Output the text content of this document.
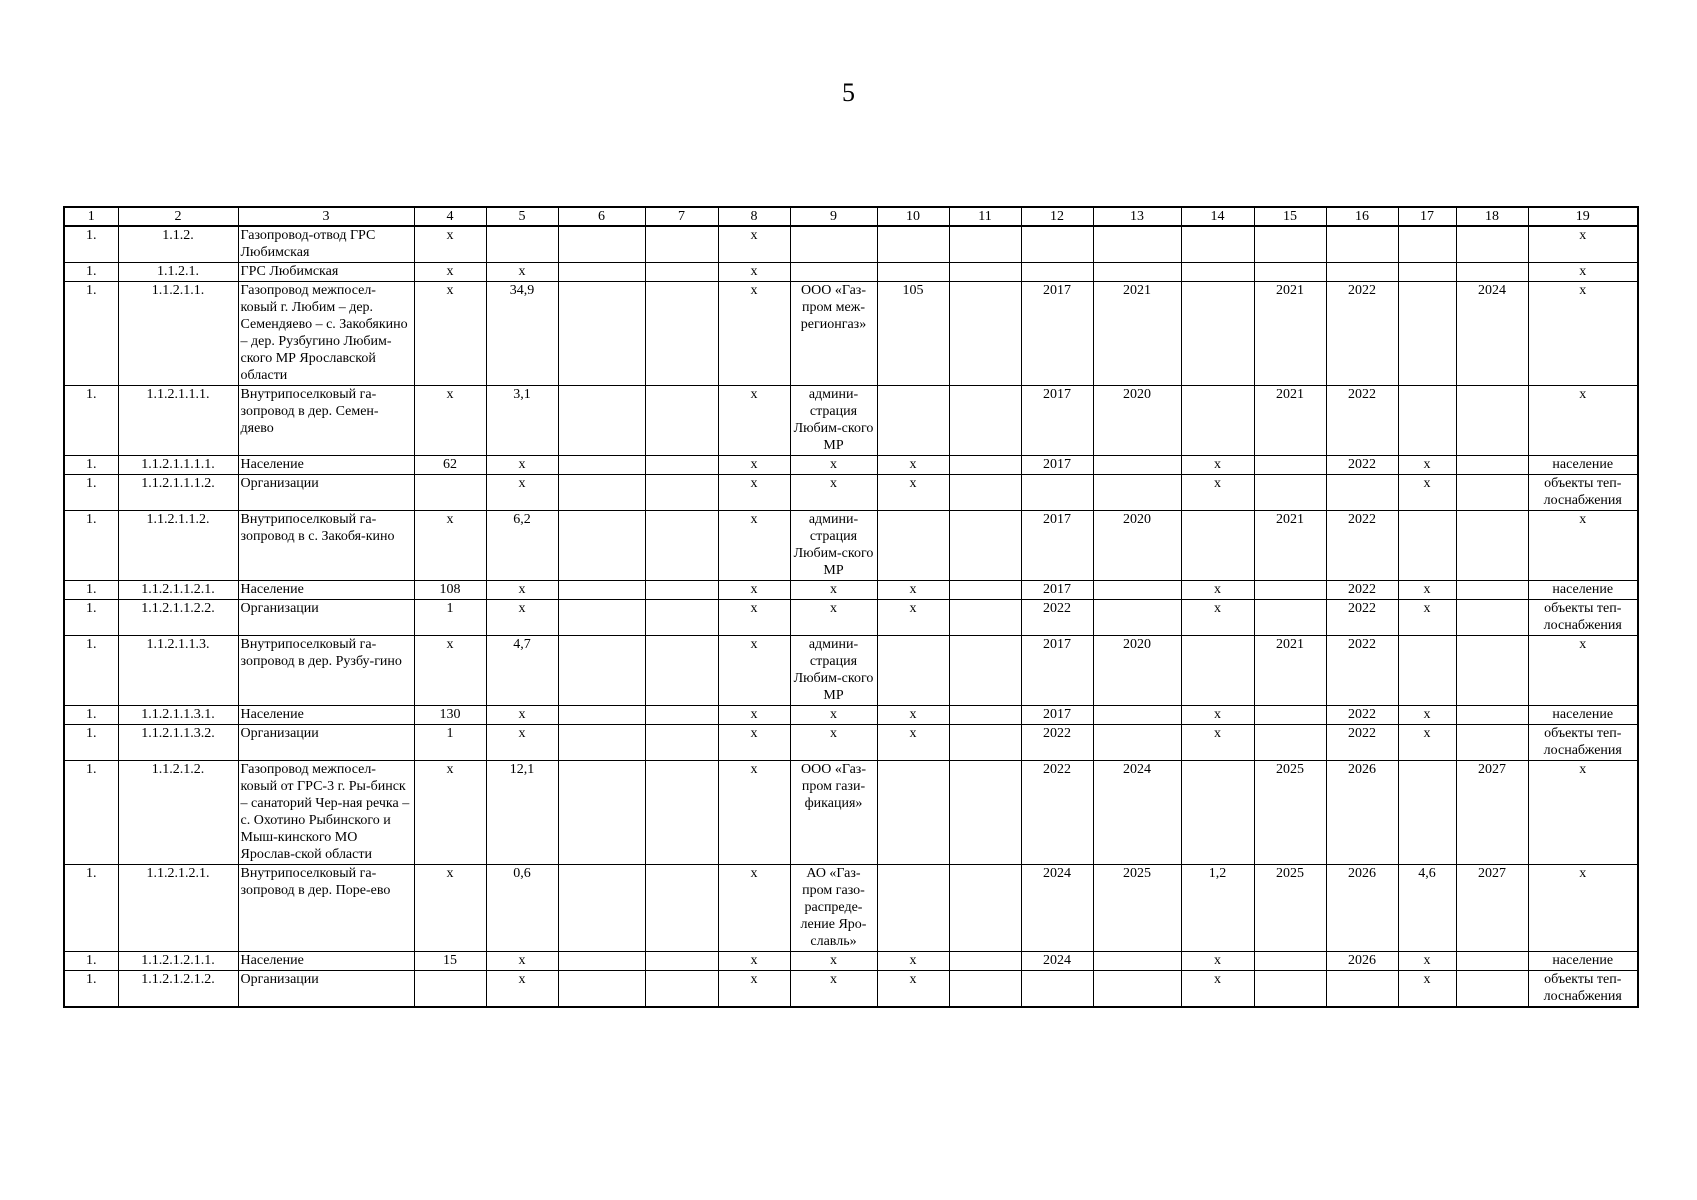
5
1	2	3	4	5	6	7	8	9	10	11	12	13	14	15	16	17	18	19
1.	1.1.2.	Газопровод-отвод ГРС Любимская	x				x											x
1.	1.1.2.1.	ГРС Любимская	x	x			x											x
1.	1.1.2.1.1.	Газопровод межпосел-ковый г. Любим – дер. Семендяево – с. Закобякино – дер. Рузбугино Любим-ского МР Ярославской области	x	34,9			x	ООО «Газ-пром меж-регионгаз»	105		2017	2021		2021	2022		2024	x
1.	1.1.2.1.1.1.	Внутрипоселковый га-зопровод в дер. Семен-дяево	x	3,1			x	админи-страция Любим-ского МР			2017	2020		2021	2022			x
1.	1.1.2.1.1.1.1.	Население	62	x			x	x	x		2017		x		2022	x		население
1.	1.1.2.1.1.1.2.	Организации		x			x	x	x				x			x		объекты теп-лоснабжения
1.	1.1.2.1.1.2.	Внутрипоселковый га-зопровод в с. Закобя-кино	x	6,2			x	админи-страция Любим-ского МР			2017	2020		2021	2022			x
1.	1.1.2.1.1.2.1.	Население	108	x			x	x	x		2017		x		2022	x		население
1.	1.1.2.1.1.2.2.	Организации	1	x			x	x	x		2022		x		2022	x		объекты теп-лоснабжения
1.	1.1.2.1.1.3.	Внутрипоселковый га-зопровод в дер. Рузбу-гино	x	4,7			x	админи-страция Любим-ского МР			2017	2020		2021	2022			x
1.	1.1.2.1.1.3.1.	Население	130	x			x	x	x		2017		x		2022	x		население
1.	1.1.2.1.1.3.2.	Организации	1	x			x	x	x		2022		x		2022	x		объекты теп-лоснабжения
1.	1.1.2.1.2.	Газопровод межпосел-ковый от ГРС-3 г. Ры-бинск – санаторий Чер-ная речка – с. Охотино Рыбинского и Мыш-кинского МО Ярослав-ской области	x	12,1			x	ООО «Газ-пром гази-фикация»			2022	2024		2025	2026		2027	x
1.	1.1.2.1.2.1.	Внутрипоселковый га-зопровод в дер. Поре-ево	x	0,6			x	АО «Газ-пром газо-распреде-ление Яро-славль»			2024	2025	1,2	2025	2026	4,6	2027	x
1.	1.1.2.1.2.1.1.	Население	15	x			x	x	x		2024		x		2026	x		население
1.	1.1.2.1.2.1.2.	Организации		x			x	x	x				x			x		объекты теп-лоснабжения
